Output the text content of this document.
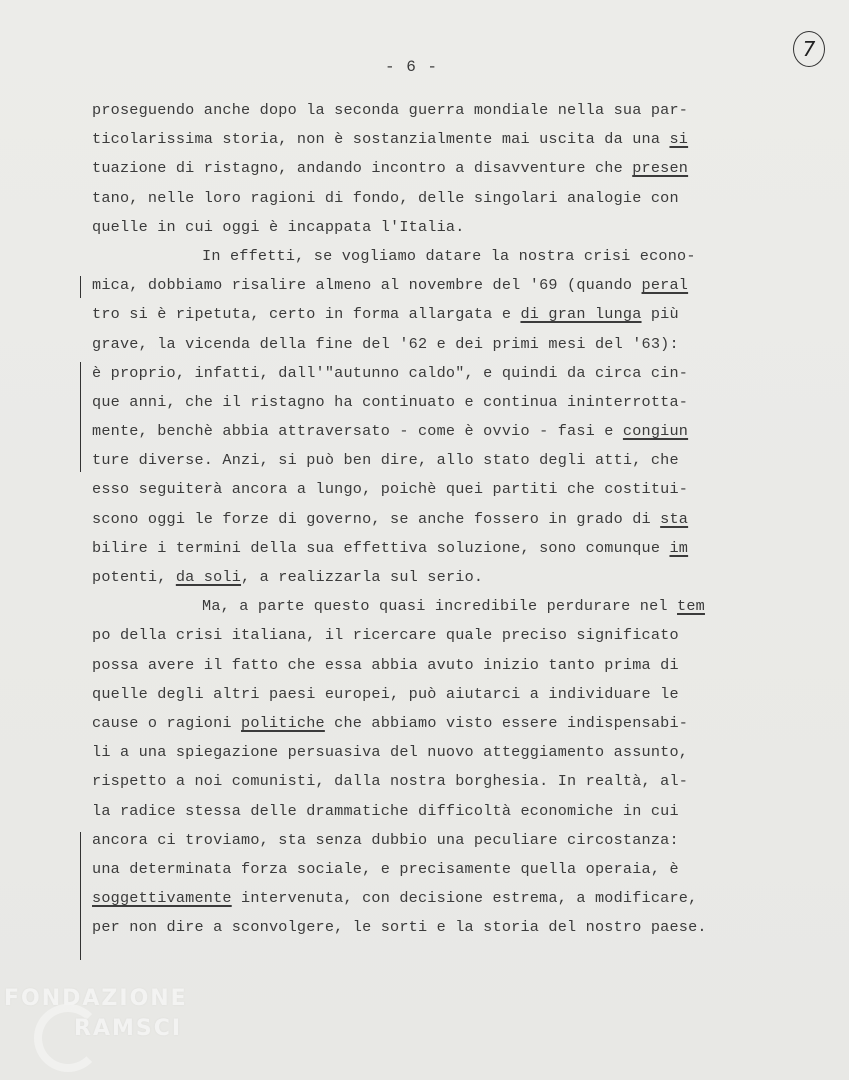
- 6 -
7
proseguendo anche dopo la seconda guerra mondiale nella sua par-
ticolarissima storia, non è sostanzialmente mai uscita da una si
tuazione di ristagno, andando incontro a disavventure che presen
tano, nelle loro ragioni di fondo, delle singolari analogie con
quelle in cui oggi è incappata l'Italia.
In effetti, se vogliamo datare la nostra crisi econo-
mica, dobbiamo risalire almeno al novembre del '69 (quando peral
tro si è ripetuta, certo in forma allargata e di gran lunga più
grave, la vicenda della fine del '62 e dei primi mesi del '63):
è proprio, infatti, dall'"autunno caldo", e quindi da circa cin-
que anni, che il ristagno ha continuato e continua ininterrotta-
mente, benchè abbia attraversato - come è ovvio - fasi e congiun
ture diverse. Anzi, si può ben dire, allo stato degli atti, che
esso seguiterà ancora a lungo, poichè quei partiti che costitui-
scono oggi le forze di governo, se anche fossero in grado di sta
bilire i termini della sua effettiva soluzione, sono comunque im
potenti, da soli, a realizzarla sul serio.
Ma, a parte questo quasi incredibile perdurare nel tem
po della crisi italiana, il ricercare quale preciso significato
possa avere il fatto che essa abbia avuto inizio tanto prima di
quelle degli altri paesi europei, può aiutarci a individuare le
cause o ragioni politiche che abbiamo visto essere indispensabi-
li a una spiegazione persuasiva del nuovo atteggiamento assunto,
rispetto a noi comunisti, dalla nostra borghesia. In realtà, al-
la radice stessa delle drammatiche difficoltà economiche in cui
ancora ci troviamo, sta senza dubbio una peculiare circostanza:
una determinata forza sociale, e precisamente quella operaia, è
soggettivamente intervenuta, con decisione estrema, a modificare,
per non dire a sconvolgere, le sorti e la storia del nostro paese.
FONDAZIONE
RAMSCI
